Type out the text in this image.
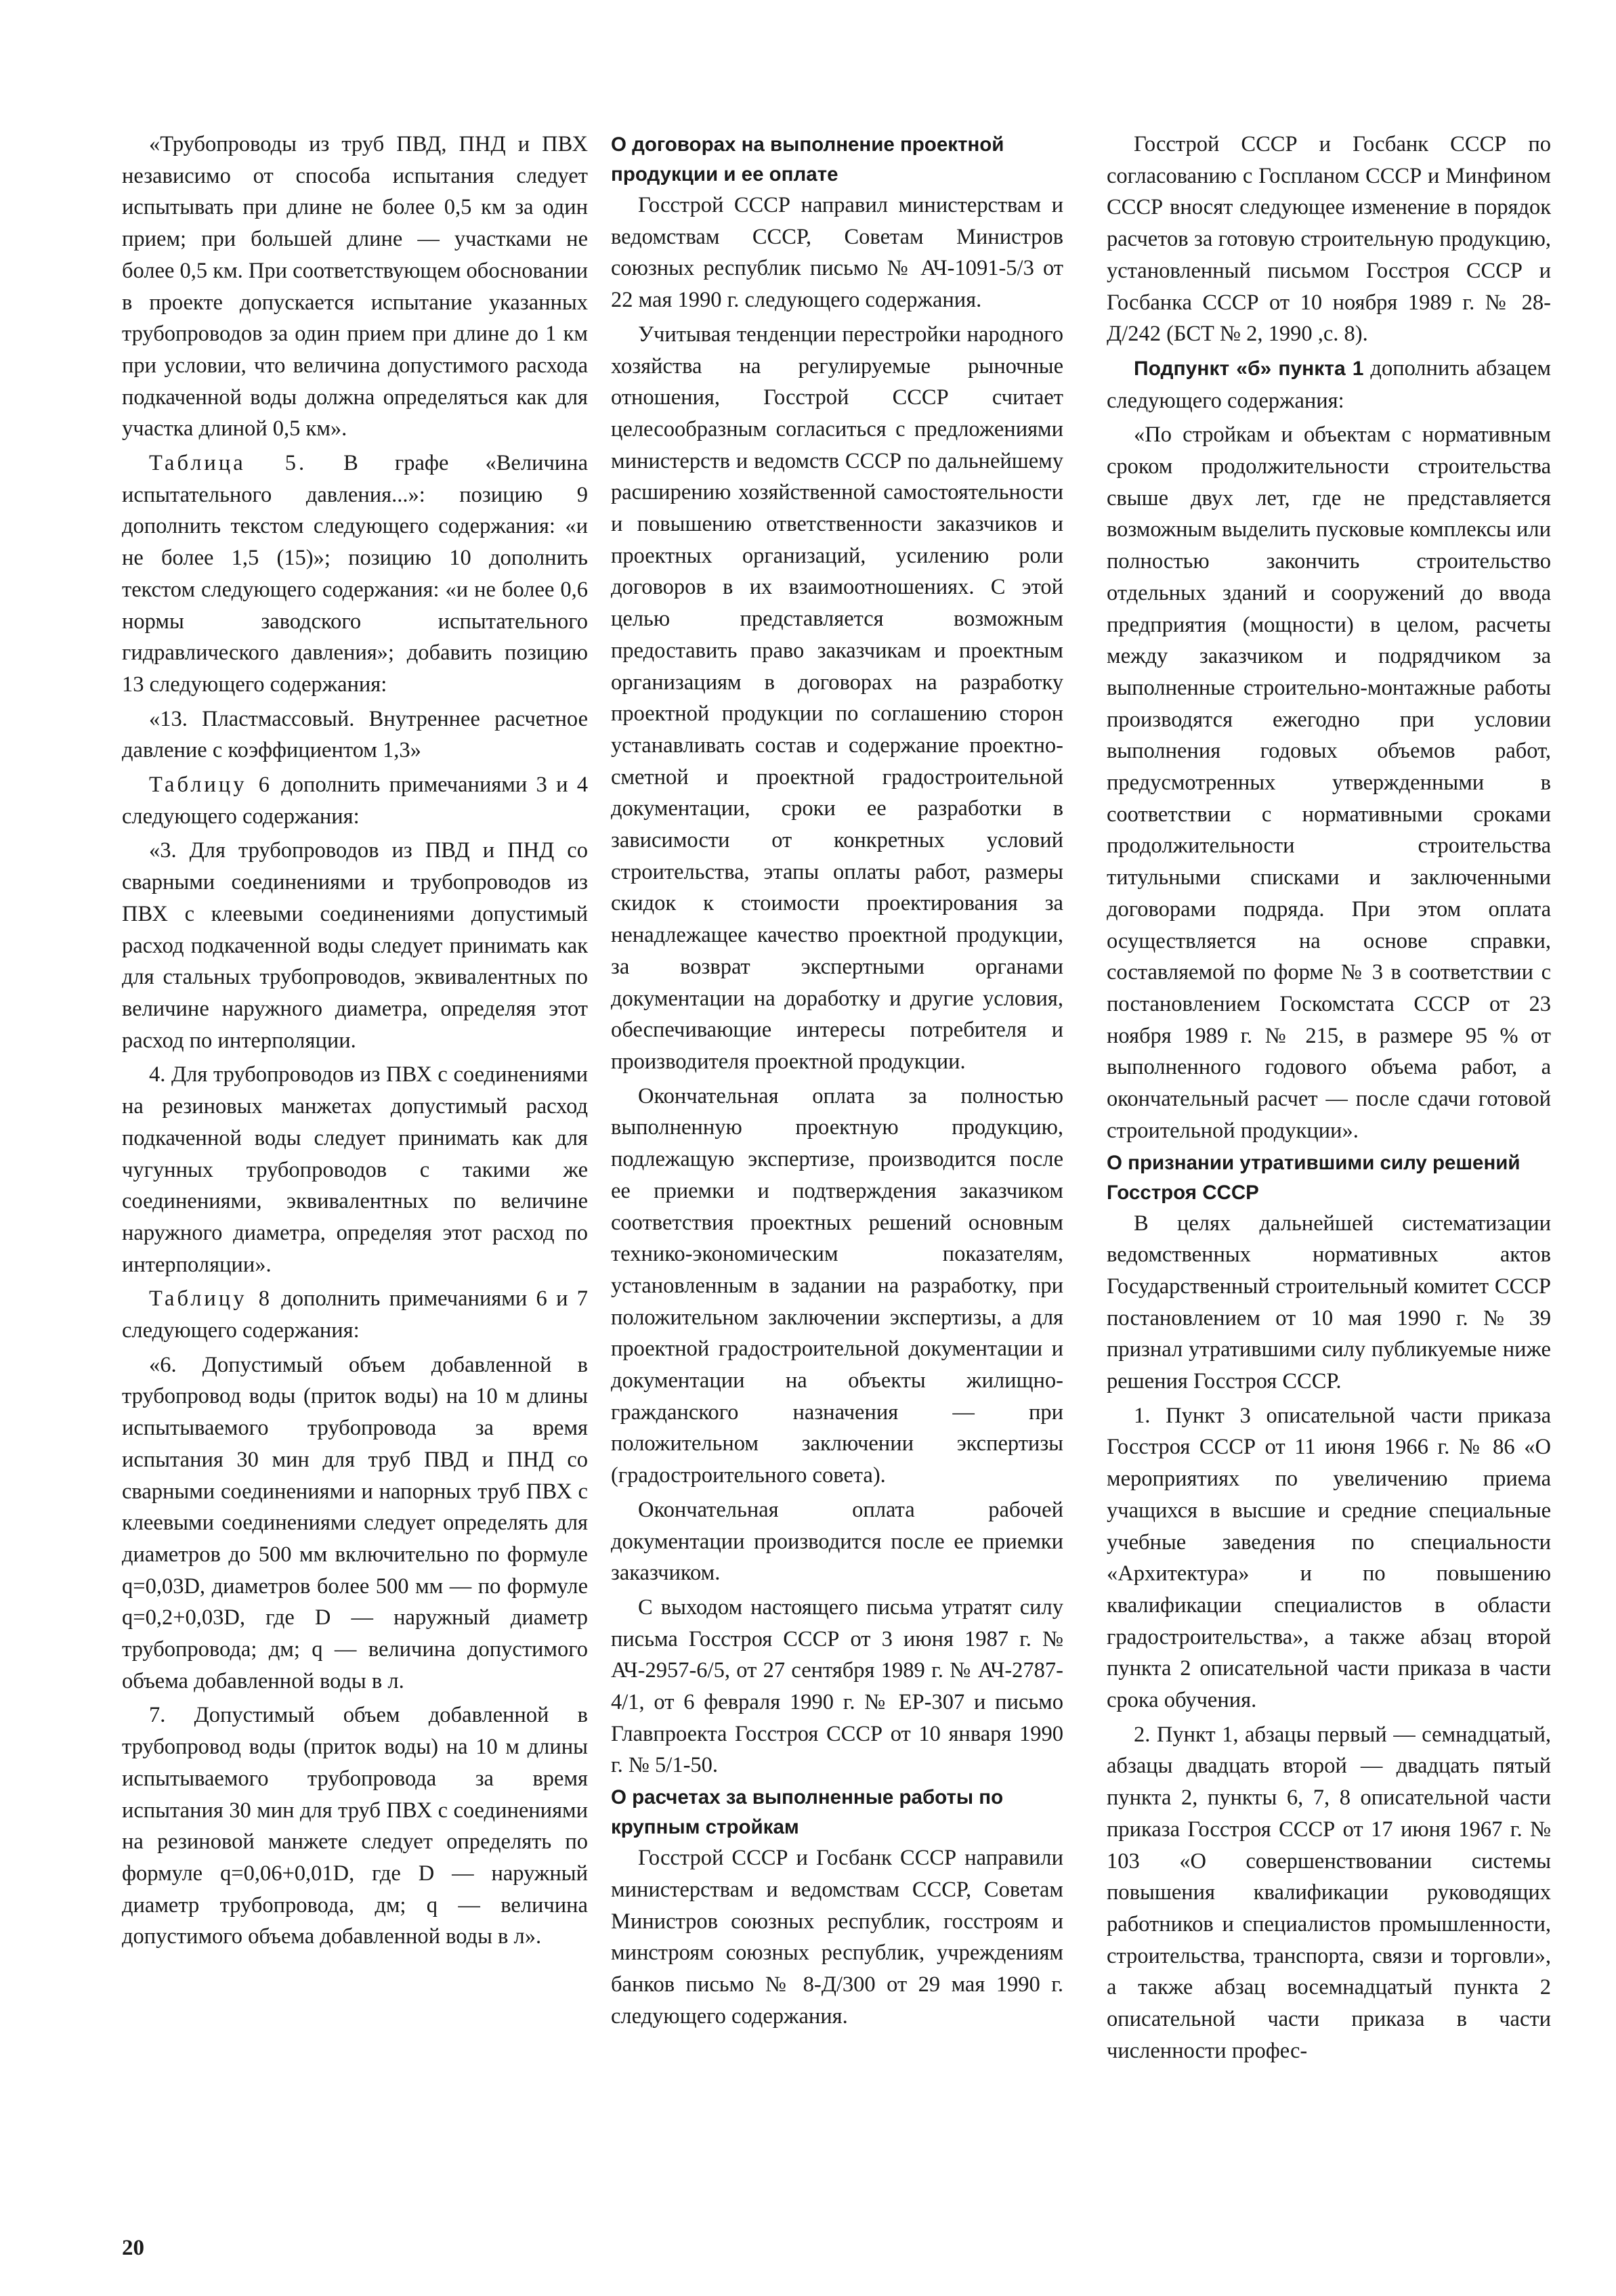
«Трубопроводы из труб ПВД, ПНД и ПВХ независимо от способа испытания следует испытывать при длине не более 0,5 км за один прием; при большей длине — участками не более 0,5 км. При соответствующем обосновании в проекте допускается испытание указанных трубопроводов за один прием при длине до 1 км при условии, что величина допустимого расхода подкаченной воды должна определяться как для участка длиной 0,5 км».

Таблица 5. В графе «Величина испытательного давления...»: позицию 9 дополнить текстом следующего содержания: «и не более 1,5 (15)»; позицию 10 дополнить текстом следующего содержания: «и не более 0,6 нормы заводского испытательного гидравлического давления»; добавить позицию 13 следующего содержания:

«13. Пластмассовый. Внутреннее расчетное давление с коэффициентом 1,3»

Таблицу 6 дополнить примечаниями 3 и 4 следующего содержания:

«3. Для трубопроводов из ПВД и ПНД со сварными соединениями и трубопроводов из ПВХ с клеевыми соединениями допустимый расход подкаченной воды следует принимать как для стальных трубопроводов, эквивалентных по величине наружного диаметра, определяя этот расход по интерполяции.

4. Для трубопроводов из ПВХ с соединениями на резиновых манжетах допустимый расход подкаченной воды следует принимать как для чугунных трубопроводов с такими же соединениями, эквивалентных по величине наружного диаметра, определяя этот расход по интерполяции».

Таблицу 8 дополнить примечаниями 6 и 7 следующего содержания:

«6. Допустимый объем добавленной в трубопровод воды (приток воды) на 10 м длины испытываемого трубопровода за время испытания 30 мин для труб ПВД и ПНД со сварными соединениями и напорных труб ПВХ с клеевыми соединениями следует определять для диаметров до 500 мм включительно по формуле q=0,03D, диаметров более 500 мм — по формуле q=0,2+0,03D, где D — наружный диаметр трубопровода; дм; q — величина допустимого объема добавленной воды в л.

7. Допустимый объем добавленной в трубопровод воды (приток воды) на 10 м длины испытываемого трубопровода за время испытания 30 мин для труб ПВХ с соединениями на резиновой манжете следует определять по формуле q=0,06+0,01D, где D — наружный диаметр трубопровода, дм; q — величина допустимого объема добавленной воды в л».

О договорах на выполнение проектной продукции и ее оплате

Госстрой СССР направил министерствам и ведомствам СССР, Советам Министров союзных республик письмо № АЧ-1091-5/3 от 22 мая 1990 г. следующего содержания.

Учитывая тенденции перестройки народного хозяйства на регулируемые рыночные отношения, Госстрой СССР считает целесообразным согласиться с предложениями министерств и ведомств СССР по дальнейшему расширению хозяйственной самостоятельности и повышению ответственности заказчиков и проектных организаций, усилению роли договоров в их взаимоотношениях. С этой целью представляется возможным предоставить право заказчикам и проектным организациям в договорах на разработку проектной продукции по соглашению сторон устанавливать состав и содержание проектно-сметной и проектной градостроительной документации, сроки ее разработки в зависимости от конкретных условий строительства, этапы оплаты работ, размеры скидок к стоимости проектирования за ненадлежащее качество проектной продукции, за возврат экспертными органами документации на доработку и другие условия, обеспечивающие интересы потребителя и производителя проектной продукции.

Окончательная оплата за полностью выполненную проектную продукцию, подлежащую экспертизе, производится после ее приемки и подтверждения заказчиком соответствия проектных решений основным технико-экономическим показателям, установленным в задании на разработку, при положительном заключении экспертизы, а для проектной градостроительной документации и документации на объекты жилищно-гражданского назначения — при положительном заключении экспертизы (градостроительного совета).

Окончательная оплата рабочей документации производится после ее приемки заказчиком.

С выходом настоящего письма утратят силу письма Госстроя СССР от 3 июня 1987 г. № АЧ-2957-6/5, от 27 сентября 1989 г. № АЧ-2787-4/1, от 6 февраля 1990 г. № ЕР-307 и письмо Главпроекта Госстроя СССР от 10 января 1990 г. № 5/1-50.

О расчетах за выполненные работы по крупным стройкам

Госстрой СССР и Госбанк СССР направили министерствам и ведомствам СССР, Советам Министров союзных республик, госстроям и минстроям союзных республик, учреждениям банков письмо № 8-Д/300 от 29 мая 1990 г. следующего содержания.

Госстрой СССР и Госбанк СССР по согласованию с Госпланом СССР и Минфином СССР вносят следующее изменение в порядок расчетов за готовую строительную продукцию, установленный письмом Госстроя СССР и Госбанка СССР от 10 ноября 1989 г. № 28-Д/242 (БСТ № 2, 1990 ,с. 8).

Подпункт «б» пункта 1 дополнить абзацем следующего содержания:

«По стройкам и объектам с нормативным сроком продолжительности строительства свыше двух лет, где не представляется возможным выделить пусковые комплексы или полностью закончить строительство отдельных зданий и сооружений до ввода предприятия (мощности) в целом, расчеты между заказчиком и подрядчиком за выполненные строительно-монтажные работы производятся ежегодно при условии выполнения годовых объемов работ, предусмотренных утвержденными в соответствии с нормативными сроками продолжительности строительства титульными списками и заключенными договорами подряда. При этом оплата осуществляется на основе справки, составляемой по форме № 3 в соответствии с постановлением Госкомстата СССР от 23 ноября 1989 г. № 215, в размере 95 % от выполненного годового объема работ, а окончательный расчет — после сдачи готовой строительной продукции».

О признании утратившими силу решений Госстроя СССР

В целях дальнейшей систематизации ведомственных нормативных актов Государственный строительный комитет СССР постановлением от 10 мая 1990 г. № 39 признал утратившими силу публикуемые ниже решения Госстроя СССР.

1. Пункт 3 описательной части приказа Госстроя СССР от 11 июня 1966 г. № 86 «О мероприятиях по увеличению приема учащихся в высшие и средние специальные учебные заведения по специальности «Архитектура» и по повышению квалификации специалистов в области градостроительства», а также абзац второй пункта 2 описательной части приказа в части срока обучения.

2. Пункт 1, абзацы первый — семнадцатый, абзацы двадцать второй — двадцать пятый пункта 2, пункты 6, 7, 8 описательной части приказа Госстроя СССР от 17 июня 1967 г. № 103 «О совершенствовании системы повышения квалификации руководящих работников и специалистов промышленности, строительства, транспорта, связи и торговли», а также абзац восемнадцатый пункта 2 описательной части приказа в части численности профес-

20
